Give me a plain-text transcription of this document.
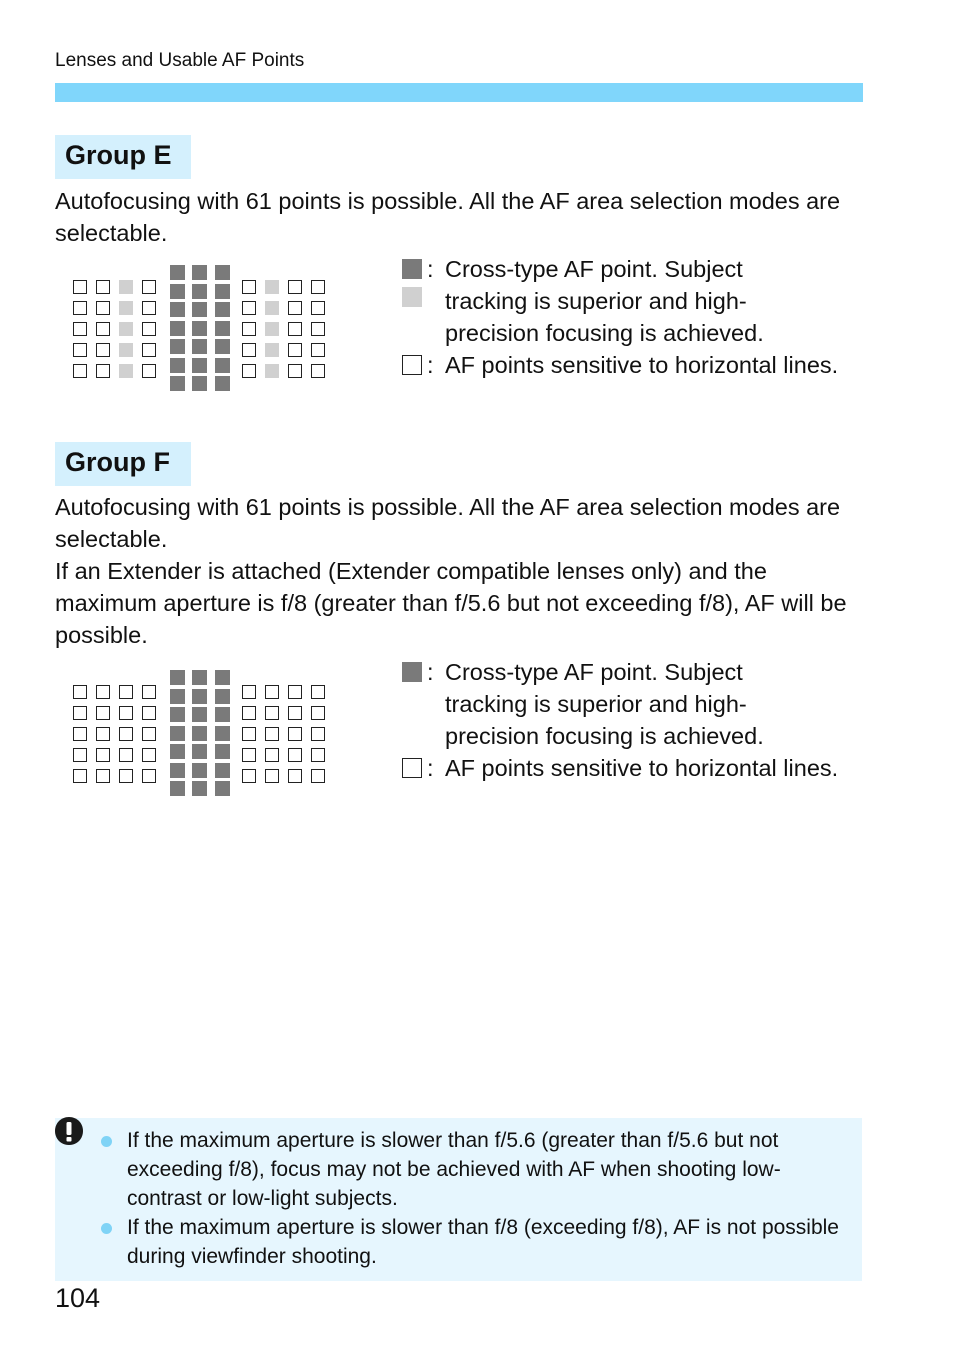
Lenses and Usable AF Points
Group E
Autofocusing with 61 points is possible. All the AF area selection modes are selectable.
: Cross-type AF point. Subject
tracking is superior and high-
precision focusing is achieved.
: AF points sensitive to horizontal lines.
Group F
Autofocusing with 61 points is possible. All the AF area selection modes are selectable.
If an Extender is attached (Extender compatible lenses only) and the maximum aperture is f/8 (greater than f/5.6 but not exceeding f/8), AF will be possible.
: Cross-type AF point. Subject
tracking is superior and high-
precision focusing is achieved.
: AF points sensitive to horizontal lines.
If the maximum aperture is slower than f/5.6 (greater than f/5.6 but not exceeding f/8), focus may not be achieved with AF when shooting low-contrast or low-light subjects.
If the maximum aperture is slower than f/8 (exceeding f/8), AF is not possible during viewfinder shooting.
104
